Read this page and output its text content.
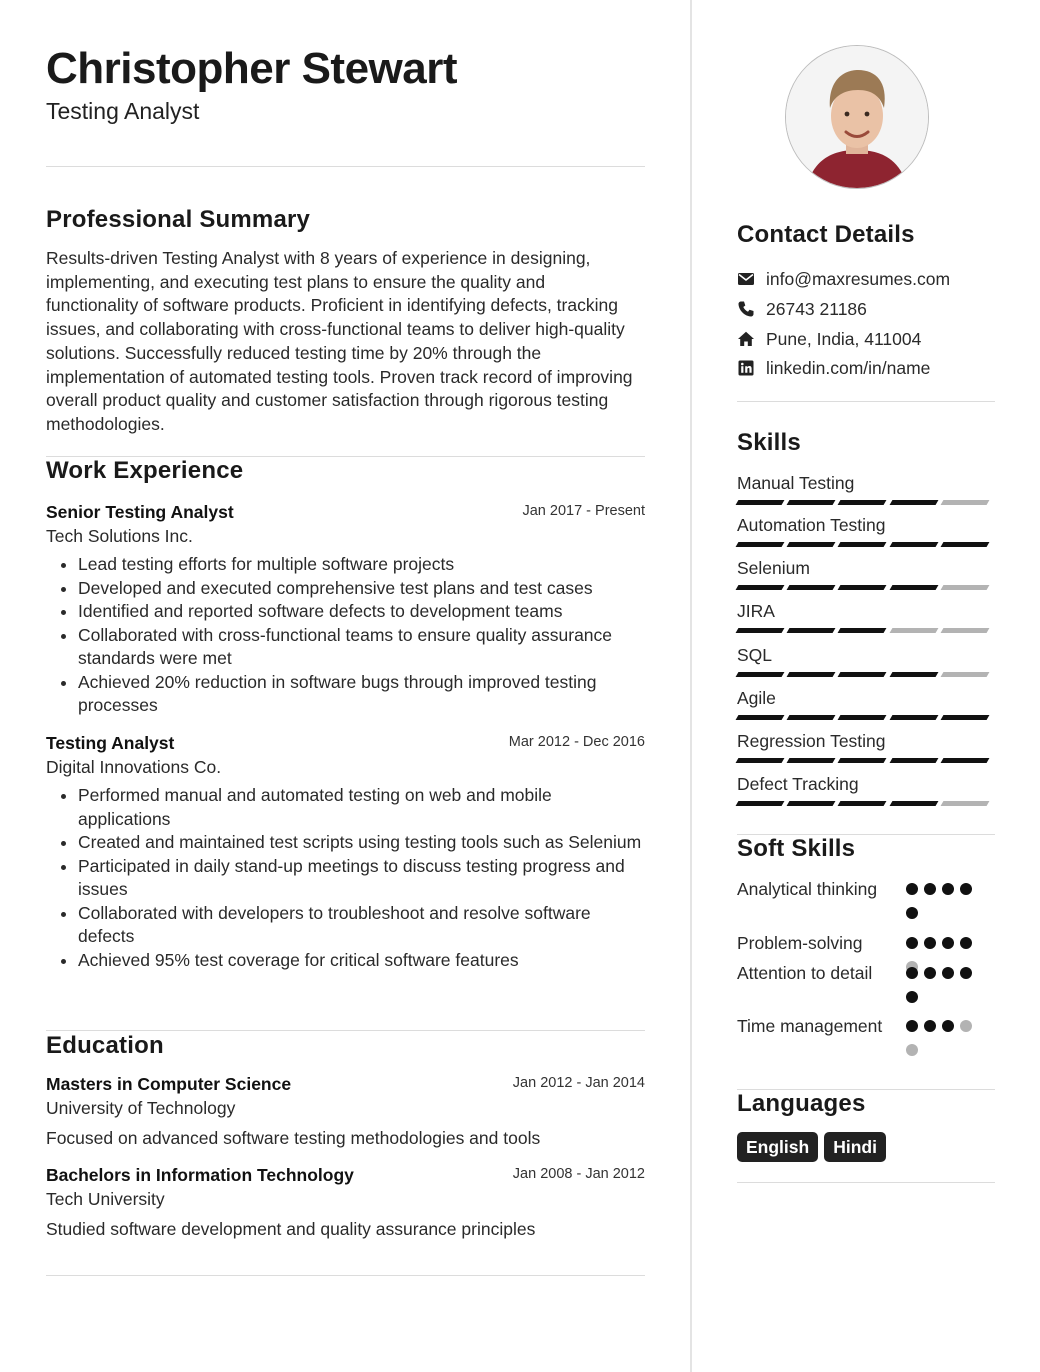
Christopher Stewart
Testing Analyst
Professional Summary
Results-driven Testing Analyst with 8 years of experience in designing, implementing, and executing test plans to ensure the quality and functionality of software products. Proficient in identifying defects, tracking issues, and collaborating with cross-functional teams to deliver high-quality solutions. Successfully reduced testing time by 20% through the implementation of automated testing tools. Proven track record of improving overall product quality and customer satisfaction through rigorous testing methodologies.
Work Experience
Senior Testing Analyst	Jan 2017 - Present
Tech Solutions Inc.
• Lead testing efforts for multiple software projects
• Developed and executed comprehensive test plans and test cases
• Identified and reported software defects to development teams
• Collaborated with cross-functional teams to ensure quality assurance standards were met
• Achieved 20% reduction in software bugs through improved testing processes
Testing Analyst	Mar 2012 - Dec 2016
Digital Innovations Co.
• Performed manual and automated testing on web and mobile applications
• Created and maintained test scripts using testing tools such as Selenium
• Participated in daily stand-up meetings to discuss testing progress and issues
• Collaborated with developers to troubleshoot and resolve software defects
• Achieved 95% test coverage for critical software features
Education
Masters in Computer Science	Jan 2012 - Jan 2014
University of Technology
Focused on advanced software testing methodologies and tools
Bachelors in Information Technology	Jan 2008 - Jan 2012
Tech University
Studied software development and quality assurance principles
Contact Details
info@maxresumes.com
26743 21186
Pune, India, 411004
linkedin.com/in/name
Skills
Manual Testing
Automation Testing
Selenium
JIRA
SQL
Agile
Regression Testing
Defect Tracking
Soft Skills
Analytical thinking
Problem-solving
Attention to detail
Time management
Languages
English	Hindi
